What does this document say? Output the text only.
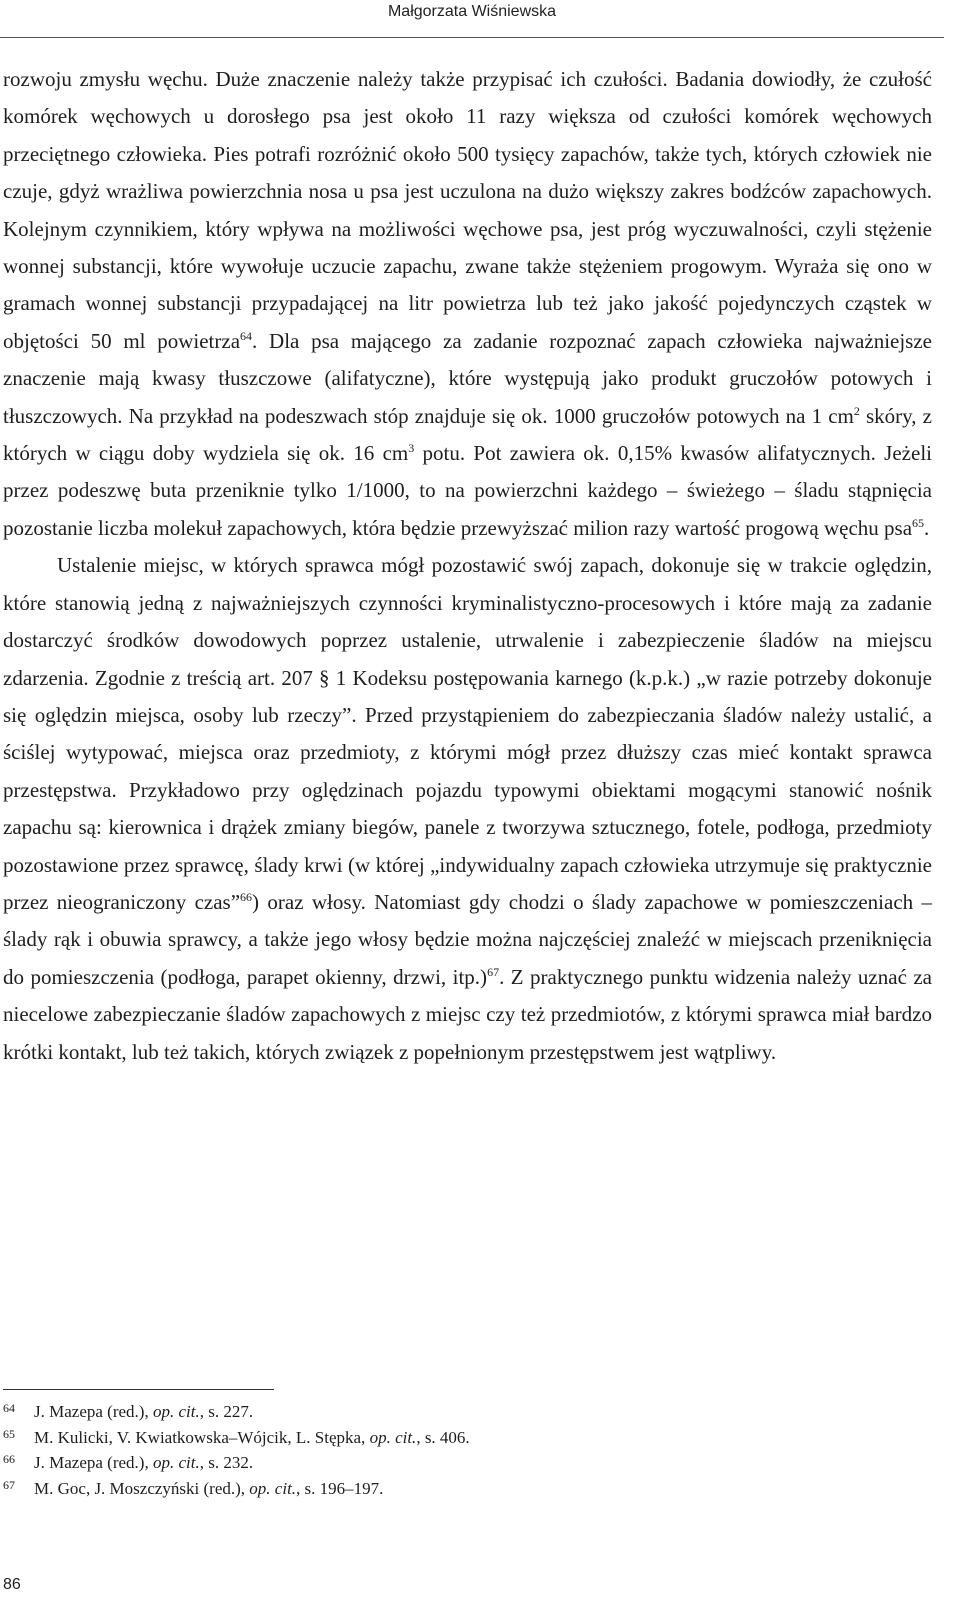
Małgorzata Wiśniewska

rozwoju zmysłu węchu. Duże znaczenie należy także przypisać ich czułości. Badania dowiodły, że czułość komórek węchowych u dorosłego psa jest około 11 razy większa od czułości komórek węchowych przeciętnego człowieka. Pies potrafi rozróżnić około 500 tysięcy zapachów, także tych, których człowiek nie czuje, gdyż wrażliwa powierzchnia nosa u psa jest uczulona na dużo większy zakres bodźców zapachowych. Kolejnym czynnikiem, który wpływa na możliwości węchowe psa, jest próg wyczuwalności, czyli stężenie wonnej substancji, które wywołuje uczucie zapachu, zwane także stężeniem progowym. Wyraża się ono w gramach wonnej substancji przypadającej na litr powietrza lub też jako jakość pojedynczych cząstek w objętości 50 ml powietrza$^{64}$. Dla psa mającego za zadanie rozpoznać zapach człowieka najważniejsze znaczenie mają kwasy tłuszczowe (alifatyczne), które występują jako produkt gruczołów potowych i tłuszczowych. Na przykład na podeszwach stóp znajduje się ok. 1000 gruczołów potowych na 1 $cm^2$ skóry, z których w ciągu doby wydziela się ok. 16 $cm^3$ potu. Pot zawiera ok. 0,15% kwasów alifatycznych. Jeżeli przez podeszwę buta przeniknie tylko 1/1000, to na powierzchni każdego – świeżego – śladu stąpnięcia pozostanie liczba molekuł zapachowych, która będzie przewyższać milion razy wartość progową węchu psa$^{65}$.

Ustalenie miejsc, w których sprawca mógł pozostawić swój zapach, dokonuje się w trakcie oględzin, które stanowią jedną z najważniejszych czynności kryminalistyczno-procesowych i które mają za zadanie dostarczyć środków dowodowych poprzez ustalenie, utrwalenie i zabezpieczenie śladów na miejscu zdarzenia. Zgodnie z treścią art. 207 § 1 Kodeksu postępowania karnego (k.p.k.) „w razie potrzeby dokonuje się oględzin miejsca, osoby lub rzeczy”. Przed przystąpieniem do zabezpieczania śladów należy ustalić, a ściślej wytypować, miejsca oraz przedmioty, z którymi mógł przez dłuższy czas mieć kontakt sprawca przestępstwa. Przykładowo przy oględzinach pojazdu typowymi obiektami mogącymi stanowić nośnik zapachu są: kierownica i drążek zmiany biegów, panele z tworzywa sztucznego, fotele, podłoga, przedmioty pozostawione przez sprawcę, ślady krwi (w której „indywidualny zapach człowieka utrzymuje się praktycznie przez nieograniczony czas”$^{66}$) oraz włosy. Natomiast gdy chodzi o ślady zapachowe w pomieszczeniach – ślady rąk i obuwia sprawcy, a także jego włosy będzie można najczęściej znaleźć w miejscach przeniknięcia do pomieszczenia (podłoga, parapet okienny, drzwi, itp.)$^{67}$. Z praktycznego punktu widzenia należy uznać za niecelowe zabezpieczanie śladów zapachowych z miejsc czy też przedmiotów, z którymi sprawca miał bardzo krótki kontakt, lub też takich, których związek z popełnionym przestępstwem jest wątpliwy.

64	J. Mazepa (red.), op. cit., s. 227.
65	M. Kulicki, V. Kwiatkowska–Wójcik, L. Stępka, op. cit., s. 406.
66	J. Mazepa (red.), op. cit., s. 232.
67	M. Goc, J. Moszczyński (red.), op. cit., s. 196–197.
86
